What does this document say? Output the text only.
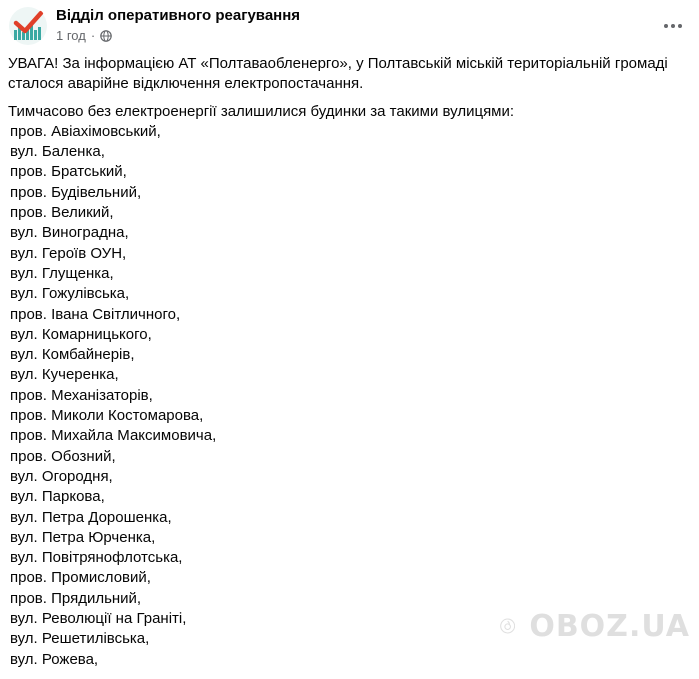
Відділ оперативного реагування
1 год ·

УВАГА! За інформацією АТ «Полтаваобленерго», у Полтавській міській територіальній громаді сталося аварійне відключення електропостачання.

Тимчасово без електроенергії залишилися будинки за такими вулицями:

пров. Авіахімовський,
вул. Баленка,
пров. Братський,
пров. Будівельний,
пров. Великий,
вул. Виноградна,
вул. Героїв ОУН,
вул. Глущенка,
вул. Гожулівська,
пров. Івана Світличного,
вул. Комарницького,
вул. Комбайнерів,
вул. Кучеренка,
пров. Механізаторів,
пров. Миколи Костомарова,
пров. Михайла Максимовича,
пров. Обозний,
вул. Огородня,
вул. Паркова,
вул. Петра Дорошенка,
вул. Петра Юрченка,
вул. Повітрянофлотська,
пров. Промисловий,
пров. Прядильний,
вул. Революції на Граніті,
вул. Решетилівська,
вул. Рожева,
OBOZ.UA
